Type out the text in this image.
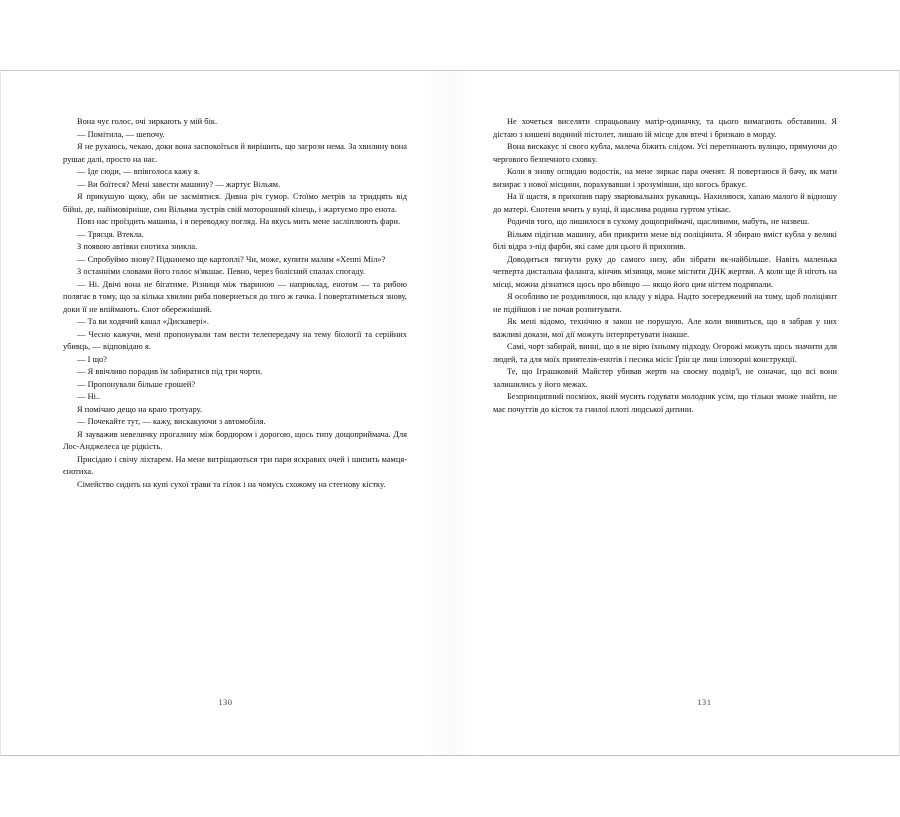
Вона чує голос, очі зиркають у мій бік.

— Помітила, — шепочу.

Я не рухаюсь, чекаю, доки вона заспокоїться й вирішить, що загрози нема. За хвилину вона рушає далі, просто на нас.

— Іде сюди, — впівголоса кажу я.

— Ви боїтеся? Мені завести машину? — жартує Вільям.

Я прикушую щоку, аби не засміятися. Дивна річ гумор. Стоїмо метрів за тридцять від бійні, де, найімовірніше, син Вільяма зустрів свій моторошний кінець, і жартуємо про енота.

Повз нас проїздить машина, і я переводжу погляд. На якусь мить мене засліплюють фари.

— Трясця. Втекла.

З появою автівки єнотиха зникла.

— Спробуймо знову? Підкинемо ще картоплі? Чи, може, купити малим «Хеппі Міл»?

З останніми словами його голос м'якшає. Певно, через болісний спалах спогаду.

— Ні. Двічі вона не бігатиме. Різниця між твариною — наприклад, енотом — та рибою полягає в тому, що за кілька хвилин риба повернеться до того ж гачка. І повертатиметься знову, доки її не впіймають. Єнот обережніший.

— Та ви ходячий канал «Дискавері».

— Чесно кажучи, мені пропонували там вести телепередачу на тему біології та серійних убивць, — відповідаю я.

— І що?

— Я ввічливо порадив їм забиратися під три чорти.

— Пропонували більше грошей?

— Ні..

Я помічаю дещо на краю тротуару.

— Почекайте тут, — кажу, вискакуючи з автомобіля.

Я зауважив невеличку прогалину між бордюром і дорогою, щось типу дощоприймача. Для Лос-Анджелеса це рідкість.

Присідаю і свічу ліхтарем. На мене витріщаються три пари яскравих очей і шипить мамця-єнотиха.

Сімейство сидить на купі сухої трави та гілок і на чомусь схожому на стегнову кістку.

130

Не хочеться виселяти спрацьовану матір-одиначку, та цього вимагають обставини. Я дістаю з кишені водяний пістолет, лишаю їй місце для втечі і бризкаю в морду.

Вона вискакує зі свого кубла, малеча біжить слідом. Усі перетинають вулицю, прямуючи до чергового безпечного сховку.

Коли я знову оглядаю водостік, на мене зиркає пара оченят. Я повертаюся й бачу, як мати визирає з нової місцини, порахувавши і зрозумівши, що когось бракує.

На її щастя, я прихопив пару зварювальних рукавиць. Нахиляюся, хапаю малого й відношу до матері. Єнотеня мчить у кущі, й щаслива родина гуртом утікає.

Родичів того, що лишилося в сухому дощоприймачі, щасливими, мабуть, не назвеш.

Вільям підігнав машину, аби прикрити мене від поліціянта. Я збираю вміст кубла у великі білі відра з-під фарби, які саме для цього й прихопив.

Доводиться тягнути руку до самого низу, аби зібрати як-найбільше. Навіть маленька четверта дистальна фаланга, кінчик мізинця, може містити ДНК жертви. А коли ще й ніготь на місці, можна дізнатися щось про вбивцю — якщо його цим нігтем подряпали.

Я особливо не роздивляюся, що кладу у відра. Надто зосереджений на тому, щоб поліціянт не підійшов і не почав розпитувати.

Як мені відомо, технічно я закон не порушую. Але коли виявиться, що я забрав у них важливі докази, мої дії можуть інтерпретувати інакше.

Самі, чорт забирай, винні, що я не вірю їхньому підходу. Огорожі можуть щось значити для людей, та для моїх приятелів-енотів і песика місіс Ґрін це лиш ілюзорні конструкції.

Те, що Іграшковий Майстер убивав жертв на своєму подвір'ї, не означає, що всі вони залишились у його межах.

Безпринципний посміюх, який мусить годувати молодняк усім, що тільки зможе знайти, не має почуттів до кісток та гнилої плоті людської дитини.

131
